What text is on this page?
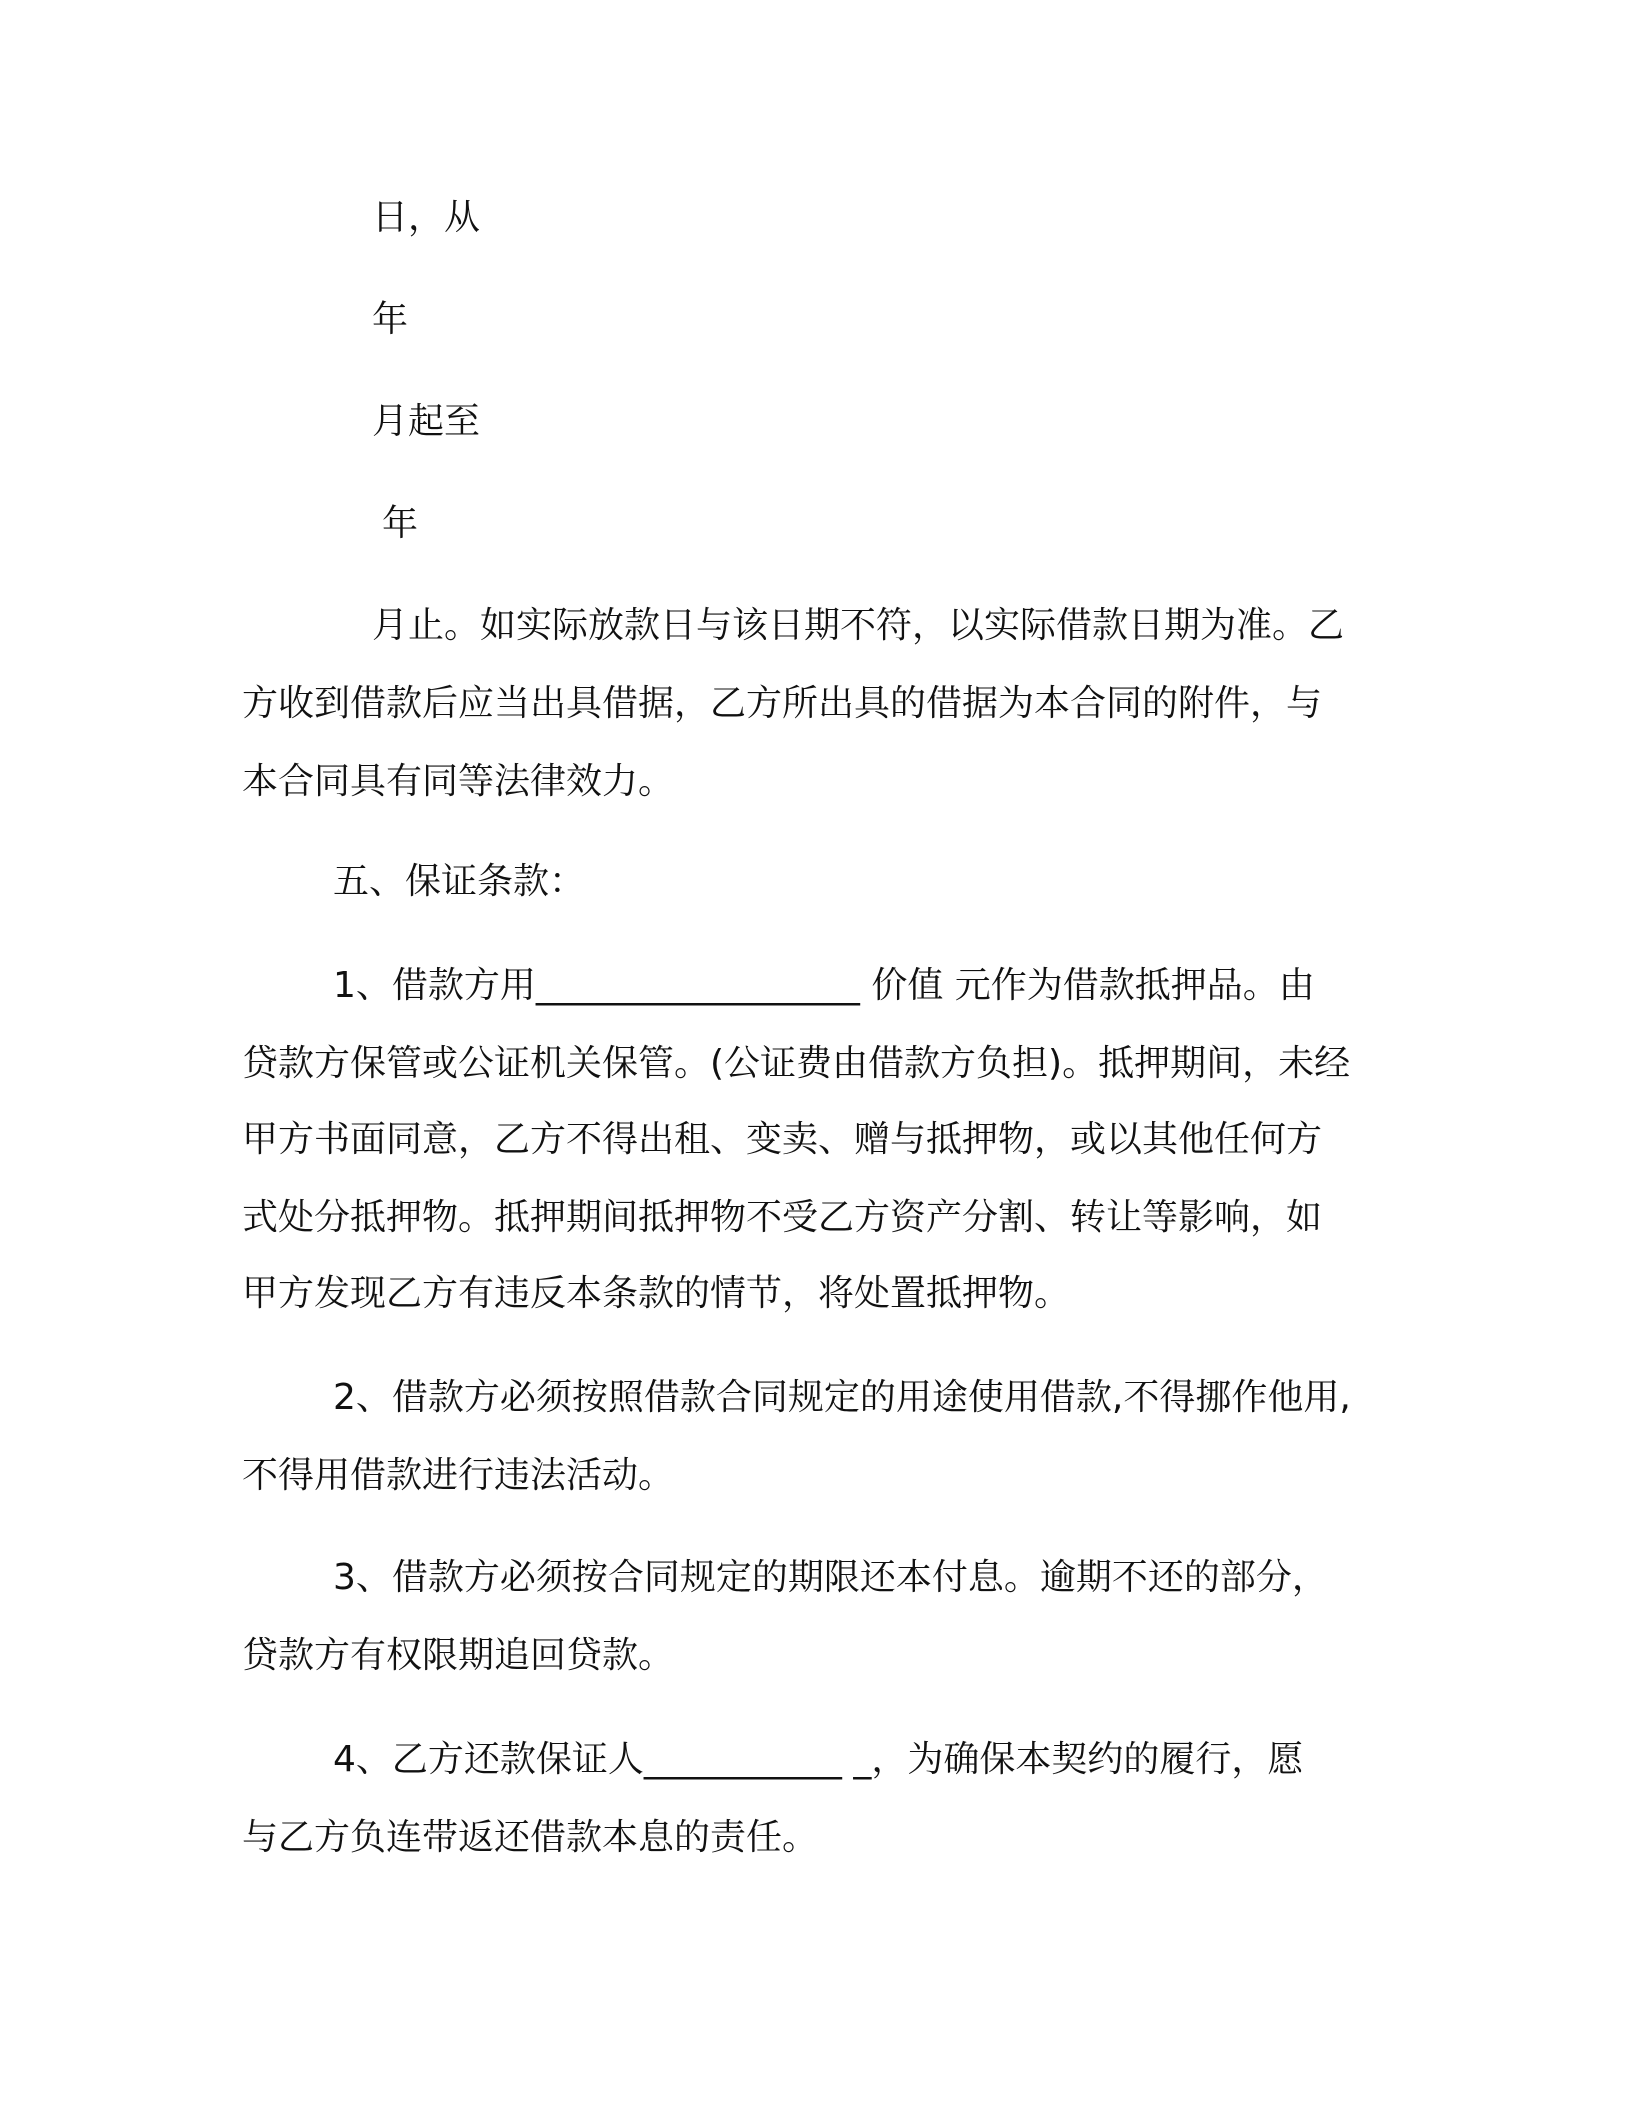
日，从

年

月起至

年

月止。如实际放款日与该日期不符，以实际借款日期为准。乙

方收到借款后应当出具借据，乙方所出具的借据为本合同的附件，与

本合同具有同等法律效力。

五、保证条款：

1、借款方用__________________ 价值 元作为借款抵押品。由

贷款方保管或公证机关保管。(公证费由借款方负担)。抵押期间，未经

甲方书面同意，乙方不得出租、变卖、赠与抵押物，或以其他任何方

式处分抵押物。抵押期间抵押物不受乙方资产分割、转让等影响，如

甲方发现乙方有违反本条款的情节，将处置抵押物。

2、借款方必须按照借款合同规定的用途使用借款,不得挪作他用,

不得用借款进行违法活动。

3、借款方必须按合同规定的期限还本付息。逾期不还的部分，

贷款方有权限期追回贷款。

4、乙方还款保证人___________ _，为确保本契约的履行，愿

与乙方负连带返还借款本息的责任。
